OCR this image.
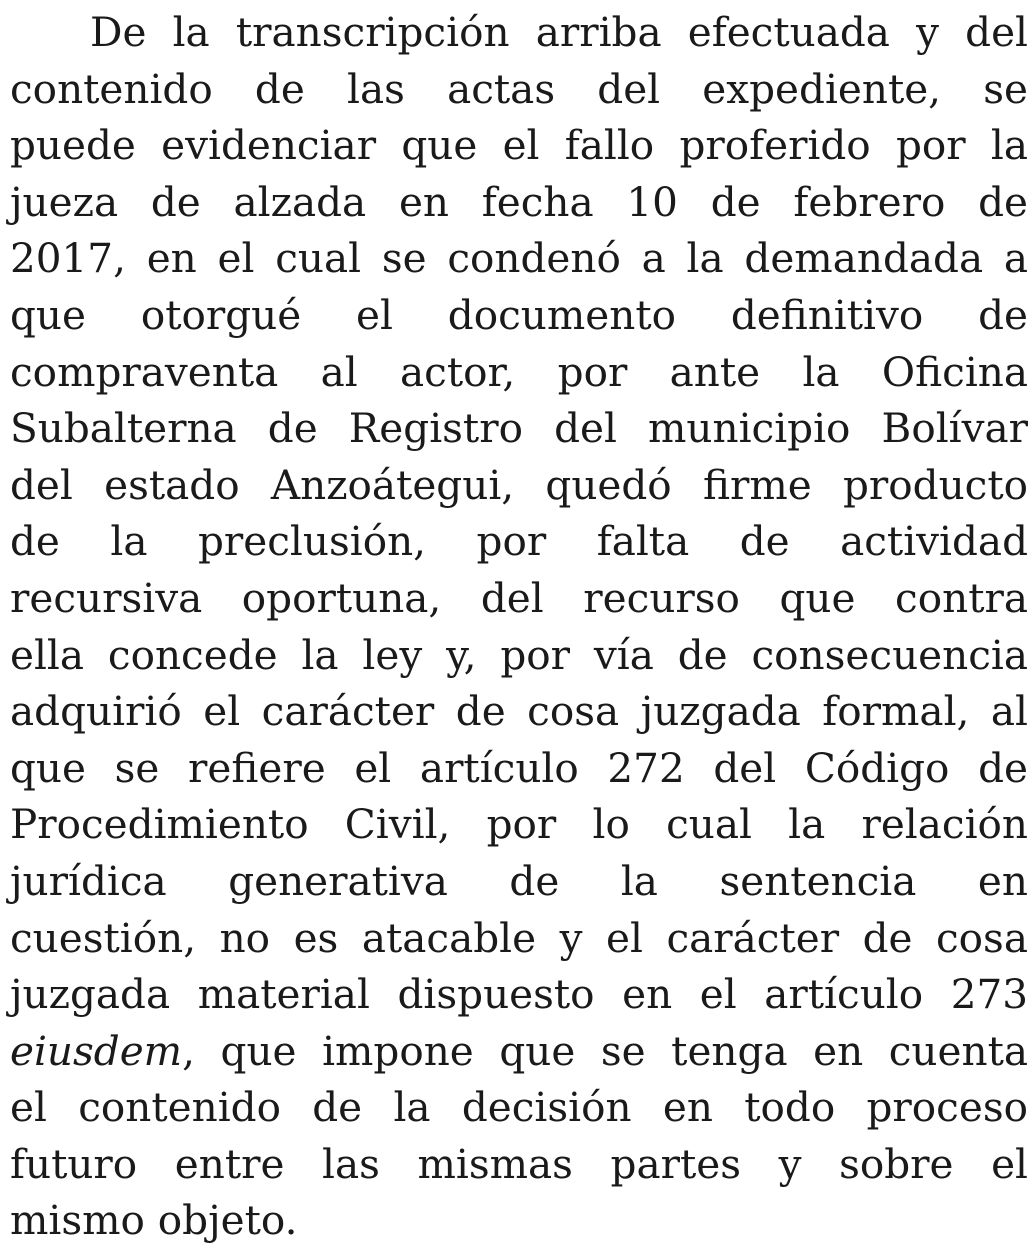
De la transcripción arriba efectuada y del
contenido de las actas del expediente, se
puede evidenciar que el fallo proferido por la
jueza de alzada en fecha 10 de febrero de
2017, en el cual se condenó a la demandada a
que otorgué el documento definitivo de
compraventa al actor, por ante la Oficina
Subalterna de Registro del municipio Bolívar
del estado Anzoátegui, quedó firme producto
de la preclusión, por falta de actividad
recursiva oportuna, del recurso que contra
ella concede la ley y, por vía de consecuencia
adquirió el carácter de cosa juzgada formal, al
que se refiere el artículo 272 del Código de
Procedimiento Civil, por lo cual la relación
jurídica generativa de la sentencia en
cuestión, no es atacable y el carácter de cosa
juzgada material dispuesto en el artículo 273
eiusdem, que impone que se tenga en cuenta
el contenido de la decisión en todo proceso
futuro entre las mismas partes y sobre el
mismo objeto.
